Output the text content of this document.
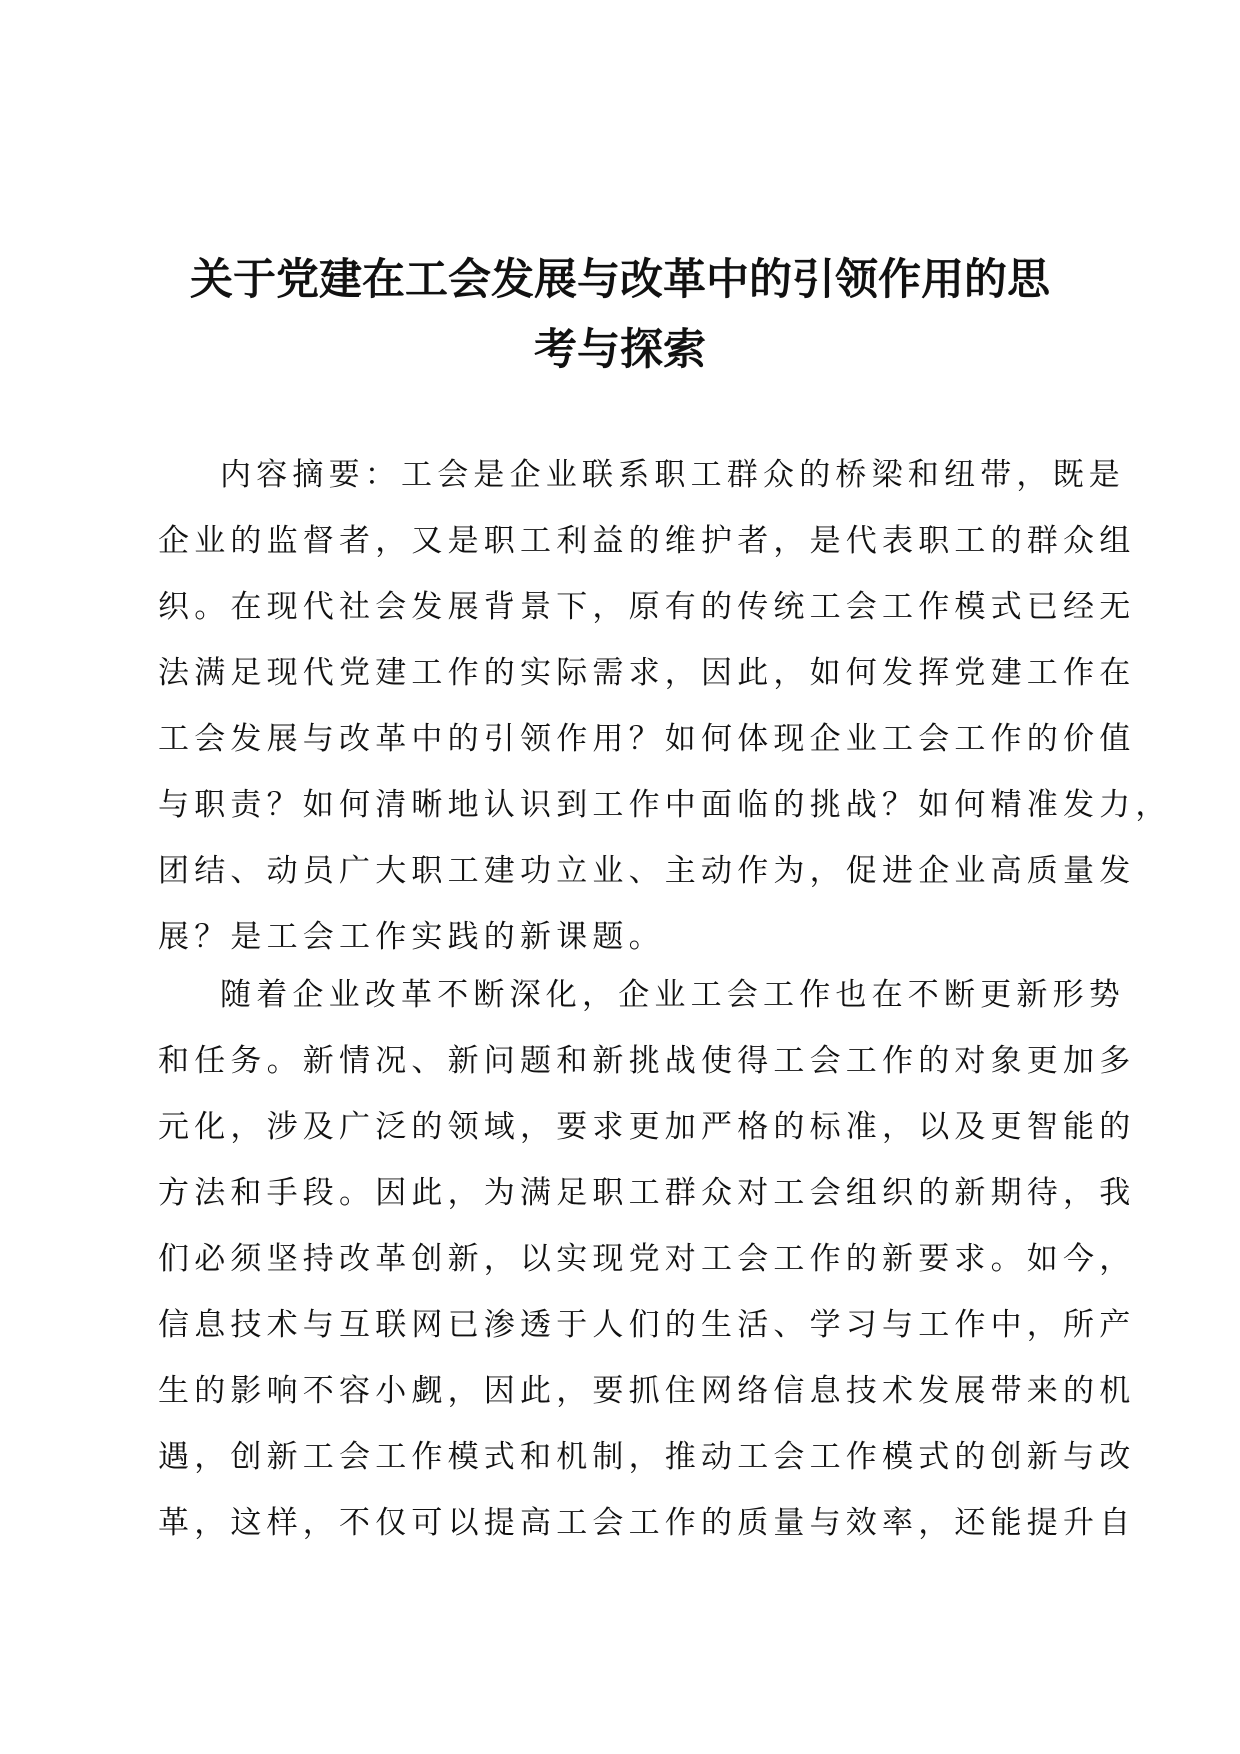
关于党建在工会发展与改革中的引领作用的思
考与探索
内容摘要：工会是企业联系职工群众的桥梁和纽带，既是
企业的监督者，又是职工利益的维护者，是代表职工的群众组
织。在现代社会发展背景下，原有的传统工会工作模式已经无
法满足现代党建工作的实际需求，因此，如何发挥党建工作在
工会发展与改革中的引领作用？如何体现企业工会工作的价值
与职责？如何清晰地认识到工作中面临的挑战？如何精准发力，
团结、动员广大职工建功立业、主动作为，促进企业高质量发
展？是工会工作实践的新课题。
随着企业改革不断深化，企业工会工作也在不断更新形势
和任务。新情况、新问题和新挑战使得工会工作的对象更加多
元化，涉及广泛的领域，要求更加严格的标准，以及更智能的
方法和手段。因此，为满足职工群众对工会组织的新期待，我
们必须坚持改革创新，以实现党对工会工作的新要求。如今，
信息技术与互联网已渗透于人们的生活、学习与工作中，所产
生的影响不容小觑，因此，要抓住网络信息技术发展带来的机
遇，创新工会工作模式和机制，推动工会工作模式的创新与改
革，这样，不仅可以提高工会工作的质量与效率，还能提升自
